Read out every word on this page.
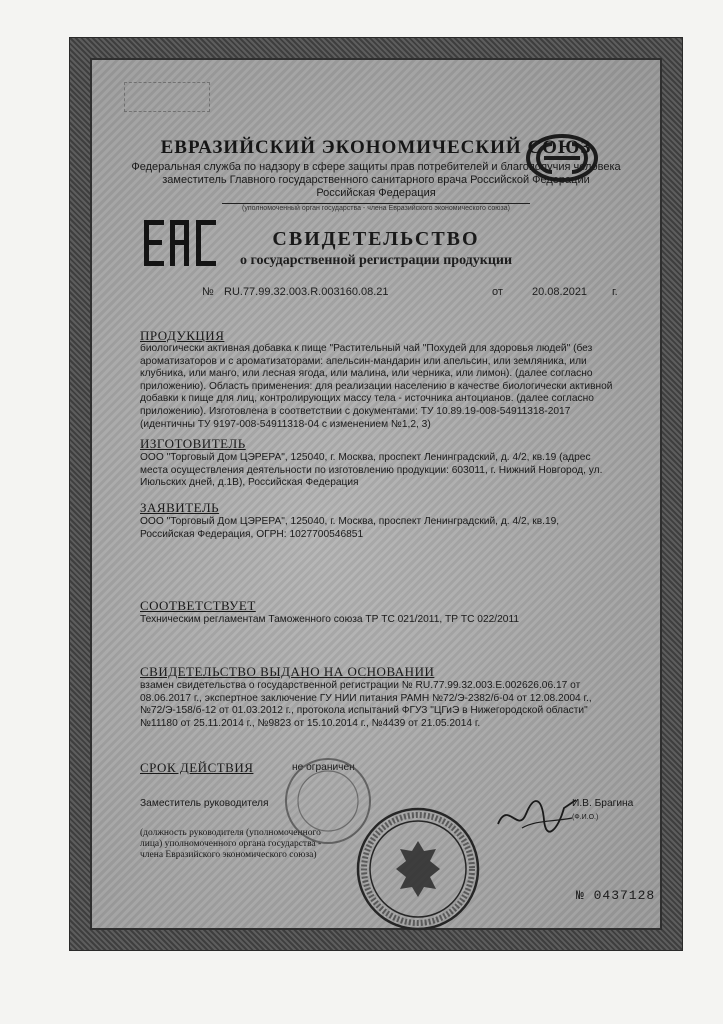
ЕВРАЗИЙСКИЙ ЭКОНОМИЧЕСКИЙ СОЮЗ
Федеральная служба по надзору в сфере защиты прав потребителей и благополучия человека
заместитель Главного государственного санитарного врача Российской Федерации
Российская Федерация
(уполномоченный орган государства - члена Евразийского экономического союза)
СВИДЕТЕЛЬСТВО
о государственной регистрации продукции
№ RU.77.99.32.003.R.003160.08.21	от	20.08.2021 г.
ПРОДУКЦИЯ
биологически активная добавка к пище "Растительный чай "Похудей для здоровья людей" (без
ароматизаторов и с ароматизаторами: апельсин-мандарин или апельсин, или земляника, или
клубника, или манго, или лесная ягода, или малина, или черника, или лимон). (далее согласно
приложению). Область применения: для реализации населению в качестве биологически активной
добавки к пище для лиц, контролирующих массу тела - источника антоцианов. (далее согласно
приложению). Изготовлена в соответствии с документами: ТУ 10.89.19-008-54911318-2017
(идентичны ТУ 9197-008-54911318-04 с изменением №1,2, 3)
ИЗГОТОВИТЕЛЬ
ООО "Торговый Дом ЦЭРЕРА", 125040, г. Москва, проспект Ленинградский, д. 4/2, кв.19 (адрес
места осуществления деятельности по изготовлению продукции: 603011, г. Нижний Новгород, ул.
Июльских дней, д.1В), Российская Федерация
ЗАЯВИТЕЛЬ
ООО "Торговый Дом ЦЭРЕРА", 125040, г. Москва, проспект Ленинградский, д. 4/2, кв.19,
Российская Федерация, ОГРН: 1027700546851
СООТВЕТСТВУЕТ
Техническим регламентам Таможенного союза ТР ТС 021/2011, ТР ТС 022/2011
СВИДЕТЕЛЬСТВО ВЫДАНО НА ОСНОВАНИИ
взамен свидетельства о государственной регистрации № RU.77.99.32.003.E.002626.06.17 от
08.06.2017 г., экспертное заключение ГУ НИИ питания РАМН №72/Э-2382/б-04 от 12.08.2004 г.,
№72/Э-158/б-12 от 01.03.2012 г., протокола испытаний ФГУЗ "ЦГиЭ в Нижегородской области"
№11180 от 25.11.2014 г., №9823 от 15.10.2014 г., №4439 от 21.05.2014 г.
СРОК ДЕЙСТВИЯ	не ограничен
Заместитель руководителя	И.В. Брагина
(Ф.И.О.)
(должность руководителя (уполномоченного
лица) уполномоченного органа государства -
члена Евразийского экономического союза)
№ 0437128
